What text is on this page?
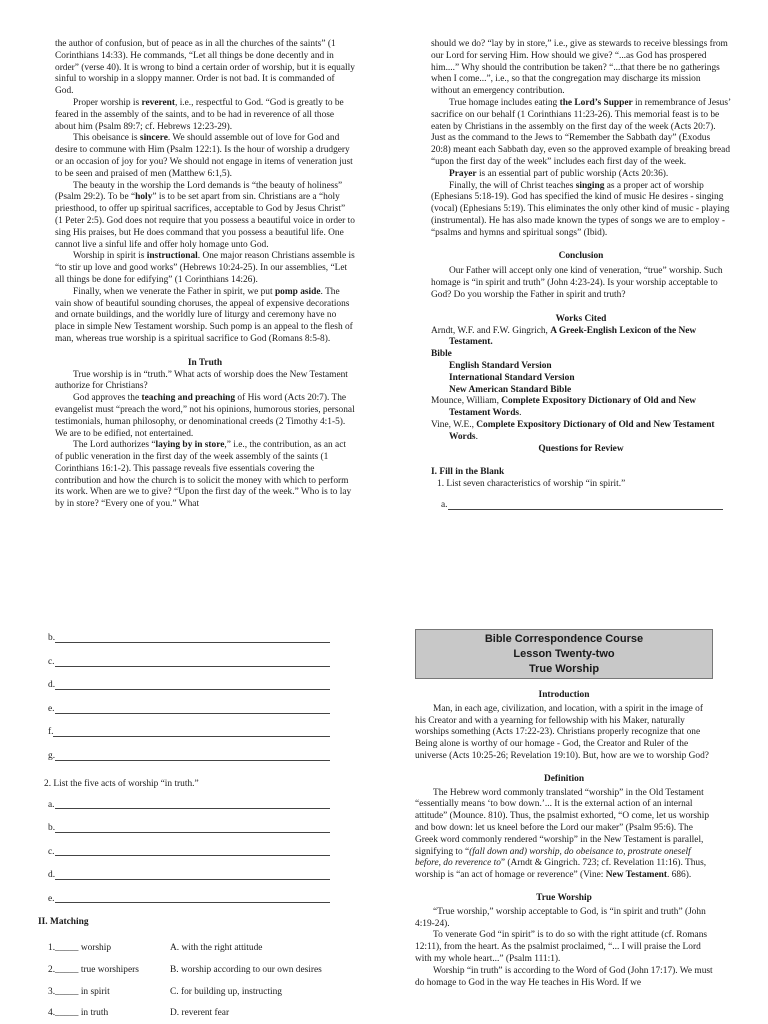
the author of confusion, but of peace as in all the churches of the saints” (1 Corinthians 14:33). He commands, “Let all things be done decently and in order” (verse 40). It is wrong to bind a certain order of worship, but it is equally sinful to worship in a sloppy manner. Order is not bad. It is commanded of God.

Proper worship is reverent, i.e., respectful to God. “God is greatly to be feared in the assembly of the saints, and to be had in reverence of all those about him (Psalm 89:7; cf. Hebrews 12:23-29).

This obeisance is sincere. We should assemble out of love for God and desire to commune with Him (Psalm 122:1). Is the hour of worship a drudgery or an occasion of joy for you? We should not engage in items of veneration just to be seen and praised of men (Matthew 6:1,5).

The beauty in the worship the Lord demands is “the beauty of holiness” (Psalm 29:2). To be “holy” is to be set apart from sin. Christians are a “holy priesthood, to offer up spiritual sacrifices, acceptable to God by Jesus Christ” (1 Peter 2:5). God does not require that you possess a beautiful voice in order to sing His praises, but He does command that you possess a beautiful life. One cannot live a sinful life and offer holy homage unto God.

Worship in spirit is instructional. One major reason Christians assemble is “to stir up love and good works” (Hebrews 10:24-25). In our assemblies, “Let all things be done for edifying” (1 Corinthians 14:26).

Finally, when we venerate the Father in spirit, we put pomp aside. The vain show of beautiful sounding choruses, the appeal of expensive decorations and ornate buildings, and the worldly lure of liturgy and ceremony have no place in simple New Testament worship. Such pomp is an appeal to the flesh of man, whereas true worship is a spiritual sacrifice to God (Romans 8:5-8).

In Truth

True worship is in “truth.” What acts of worship does the New Testament authorize for Christians?

God approves the teaching and preaching of His word (Acts 20:7). The evangelist must “preach the word,” not his opinions, humorous stories, personal testimonials, human philosophy, or denominational creeds (2 Timothy 4:1-5). We are to be edified, not entertained.

The Lord authorizes “laying by in store,” i.e., the contribution, as an act of public veneration in the first day of the week assembly of the saints (1 Corinthians 16:1-2). This passage reveals five essentials covering the contribution and how the church is to solicit the money with which to perform its work. When are we to give? “Upon the first day of the week.” Who is to lay by in store? “Every one of you.” What

should we do? “lay by in store,” i.e., give as stewards to receive blessings from our Lord for serving Him. How should we give? “...as God has prospered him....” Why should the contribution be taken? “...that there be no gatherings when I come...”, i.e., so that the congregation may discharge its mission without an emergency contribution.

True homage includes eating the Lord’s Supper in remembrance of Jesus’ sacrifice on our behalf (1 Corinthians 11:23-26). This memorial feast is to be eaten by Christians in the assembly on the first day of the week (Acts 20:7). Just as the command to the Jews to “Remember the Sabbath day” (Exodus 20:8) meant each Sabbath day, even so the approved example of breaking bread “upon the first day of the week” includes each first day of the week.

Prayer is an essential part of public worship (Acts 20:36).

Finally, the will of Christ teaches singing as a proper act of worship (Ephesians 5:18-19). God has specified the kind of music He desires - singing (vocal) (Ephesians 5:19). This eliminates the only other kind of music - playing (instrumental). He has also made known the types of songs we are to employ - “psalms and hymns and spiritual songs” (Ibid).

Conclusion

Our Father will accept only one kind of veneration, “true” worship. Such homage is “in spirit and truth” (John 4:23-24). Is your worship acceptable to God? Do you worship the Father in spirit and truth?

Works Cited

Arndt, W.F. and F.W. Gingrich, A Greek-English Lexicon of the New Testament.

Bible

English Standard Version

International Standard Version

New American Standard Bible

Mounce, William, Complete Expository Dictionary of Old and New Testament Words.

Vine, W.E., Complete Expository Dictionary of Old and New Testament Words.

Questions for Review

I. Fill in the Blank

1. List seven characteristics of worship “in spirit.”

a.
b.
c.
d.
e.
f.
g.

2. List the five acts of worship “in truth.”

a.
b.
c.
d.
e.

II. Matching

1._____ worship	A. with the right attitude
2._____ true worshipers	B. worship according to our own desires
3._____ in spirit	C. for building up, instructing
4._____ in truth	D. reverent fear
Bible Correspondence Course
Lesson Twenty-two
True Worship

Introduction

Man, in each age, civilization, and location, with a spirit in the image of his Creator and with a yearning for fellowship with his Maker, naturally worships something (Acts 17:22-23). Christians properly recognize that one Being alone is worthy of our homage - God, the Creator and Ruler of the universe (Acts 10:25-26; Revelation 19:10). But, how are we to worship God?

Definition

The Hebrew word commonly translated “worship” in the Old Testament “essentially means ‘to bow down.’... It is the external action of an internal attitude” (Mounce. 810). Thus, the psalmist exhorted, “O come, let us worship and bow down: let us kneel before the Lord our maker” (Psalm 95:6). The Greek word commonly rendered “worship” in the New Testament is parallel, signifying to “(fall down and) worship, do obeisance to, prostrate oneself before, do reverence to” (Arndt & Gingrich. 723; cf. Revelation 11:16). Thus, worship is “an act of homage or reverence” (Vine: New Testament. 686).

True Worship

“True worship,” worship acceptable to God, is “in spirit and truth” (John 4:19-24).

To venerate God “in spirit” is to do so with the right attitude (cf. Romans 12:11), from the heart. As the psalmist proclaimed, “... I will praise the Lord with my whole heart...” (Psalm 111:1).

Worship “in truth” is according to the Word of God (John 17:17). We must do homage to God in the way He teaches in His Word. If we
